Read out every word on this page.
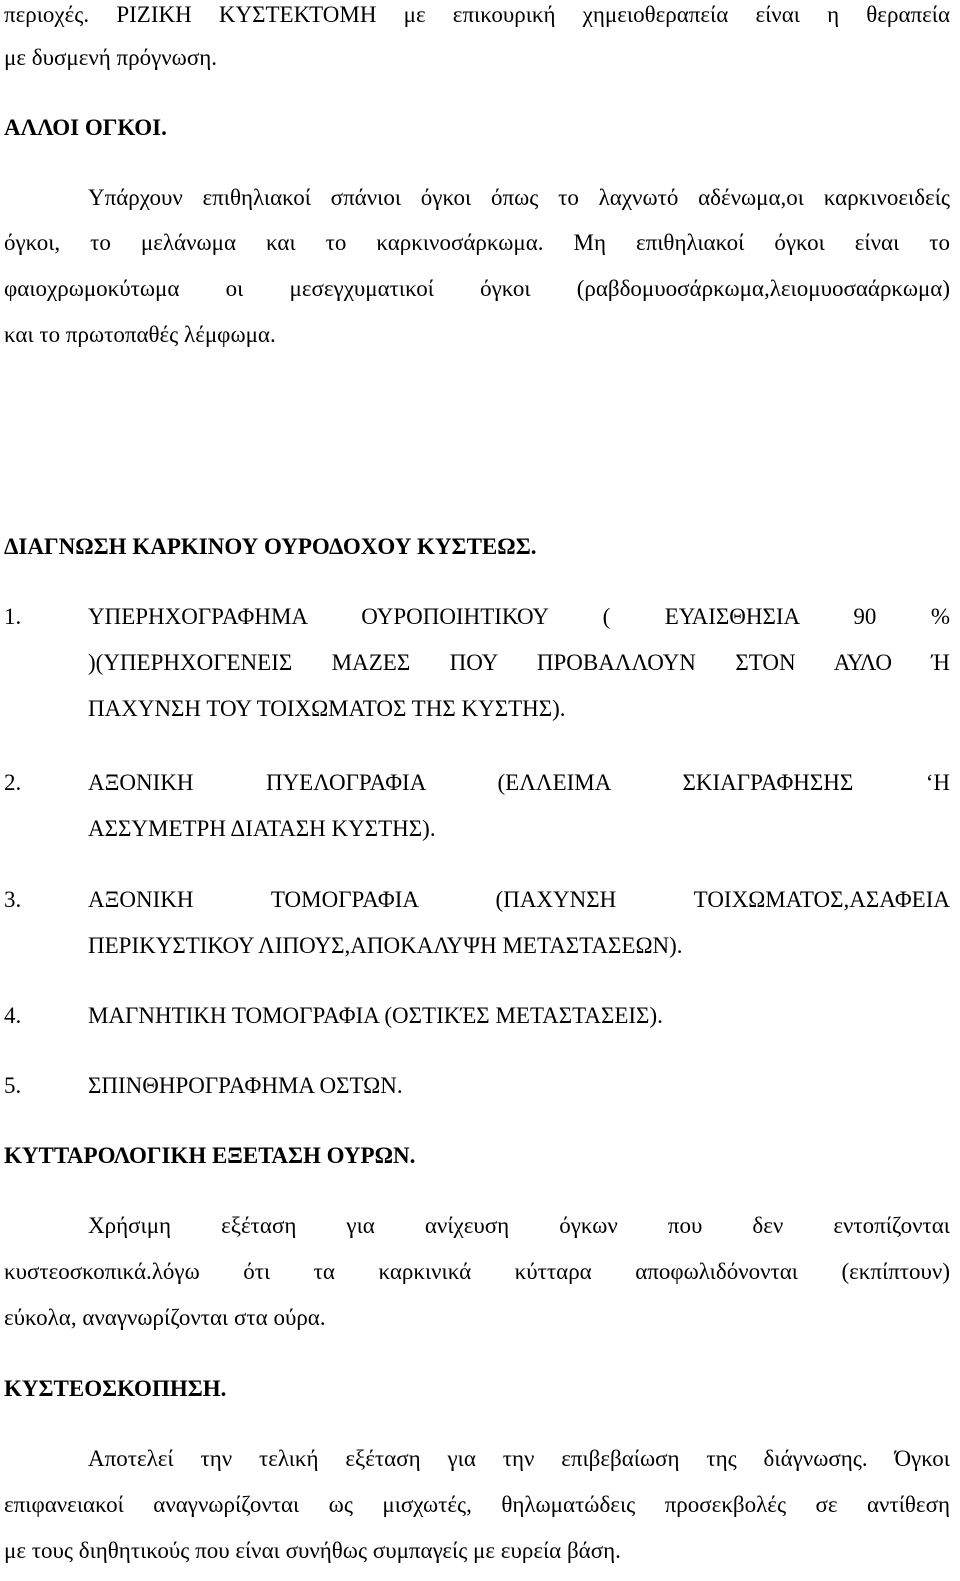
περιοχές. ΡΙΖΙΚΗ ΚΥΣΤΕΚΤΟΜΗ με επικουρική χημειοθεραπεία είναι η θεραπεία
με δυσμενή πρόγνωση.
ΑΛΛΟΙ ΟΓΚΟΙ.
Υπάρχουν επιθηλιακοί σπάνιοι όγκοι όπως το λαχνωτό αδένωμα,οι καρκινοειδείς
όγκοι, το μελάνωμα και το καρκινοσάρκωμα. Μη επιθηλιακοί όγκοι είναι το
φαιοχρωμοκύτωμα οι μεσεγχυματικοί όγκοι (ραβδομυοσάρκωμα,λειομυοσαάρκωμα)
και το πρωτοπαθές λέμφωμα.
ΔΙΑΓΝΩΣΗ ΚΑΡΚΙΝΟΥ ΟΥΡΟΔΟΧΟΥ ΚΥΣΤΕΩΣ.
1.	ΥΠΕΡΗΧΟΓΡΑΦΗΜΑ ΟΥΡΟΠΟΙΗΤΙΚΟΥ ( ΕΥΑΙΣΘΗΣΙΑ 90 %
)(ΥΠΕΡΗΧΟΓΕΝΕΙΣ ΜΑΖΕΣ ΠΟΥ ΠΡΟΒΑΛΛΟΥΝ ΣΤΟΝ ΑΥΛΟ Ή
ΠΑΧΥΝΣΗ ΤΟΥ ΤΟΙΧΩΜΑΤΟΣ ΤΗΣ ΚΥΣΤΗΣ).
2.	ΑΞΟΝΙΚΗ ΠΥΕΛΟΓΡΑΦΙΑ (ΕΛΛΕΙΜΑ ΣΚΙΑΓΡΑΦΗΣΗΣ ‘Η
ΑΣΣΥΜΕΤΡΗ ΔΙΑΤΑΣΗ ΚΥΣΤΗΣ).
3.	ΑΞΟΝΙΚΗ ΤΟΜΟΓΡΑΦΙΑ (ΠΑΧΥΝΣΗ ΤΟΙΧΩΜΑΤΟΣ,ΑΣΑΦΕΙΑ
ΠΕΡΙΚΥΣΤΙΚΟΥ ΛΙΠΟΥΣ,ΑΠΟΚΑΛΥΨΗ ΜΕΤΑΣΤΑΣΕΩΝ).
4.	ΜΑΓΝΗΤΙΚΗ ΤΟΜΟΓΡΑΦΙΑ (ΟΣΤΙΚΈΣ ΜΕΤΑΣΤΑΣΕΙΣ).
5.	ΣΠΙΝΘΗΡΟΓΡΑΦΗΜΑ ΟΣΤΩΝ.
ΚΥΤΤΑΡΟΛΟΓΙΚΗ ΕΞΕΤΑΣΗ ΟΥΡΩΝ.
Χρήσιμη εξέταση για ανίχευση όγκων που δεν εντοπίζονται
κυστεοσκοπικά.λόγω ότι τα καρκινικά κύτταρα αποφωλιδόνονται (εκπίπτουν)
εύκολα, αναγνωρίζονται στα ούρα.
ΚΥΣΤΕΟΣΚΟΠΗΣΗ.
Αποτελεί την τελική εξέταση για την επιβεβαίωση της διάγνωσης. Όγκοι
επιφανειακοί αναγνωρίζονται ως μισχωτές, θηλωματώδεις προσεκβολές σε αντίθεση
με τους διηθητικούς που είναι συνήθως συμπαγείς με ευρεία βάση.
